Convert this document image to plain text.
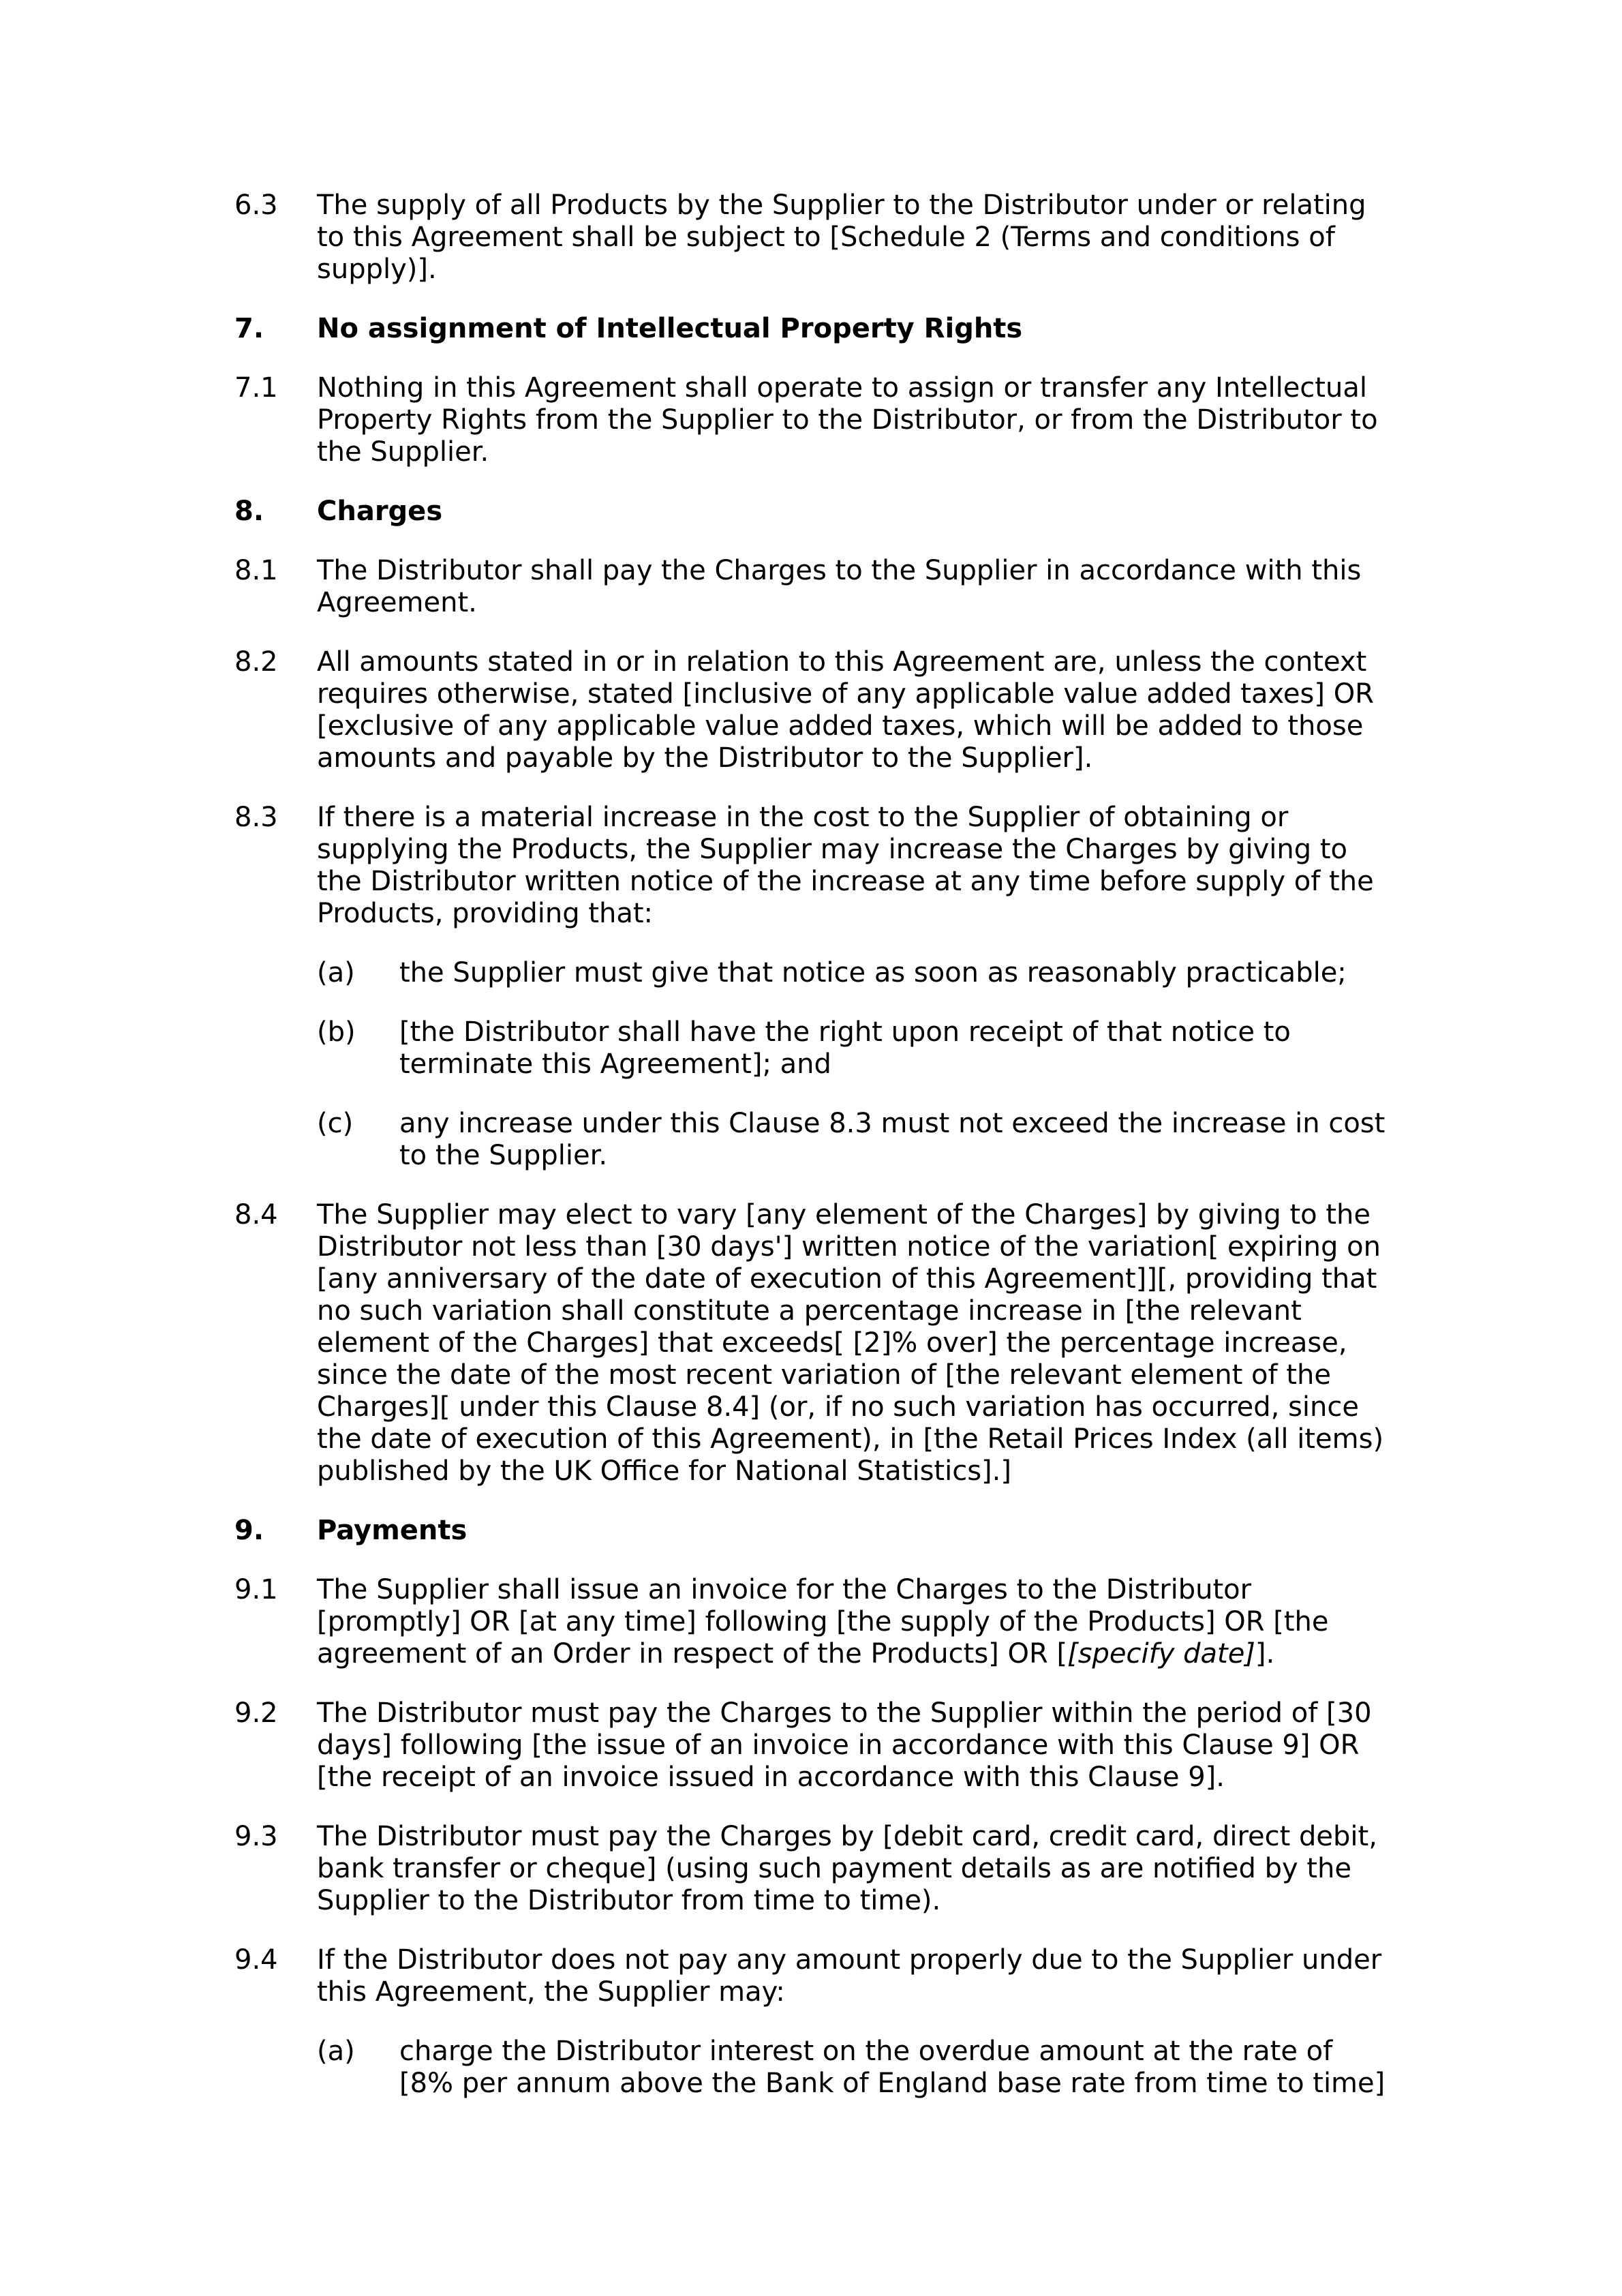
6.3	The supply of all Products by the Supplier to the Distributor under or relating to this Agreement shall be subject to [Schedule 2 (Terms and conditions of supply)].
7.	No assignment of Intellectual Property Rights
7.1	Nothing in this Agreement shall operate to assign or transfer any Intellectual Property Rights from the Supplier to the Distributor, or from the Distributor to the Supplier.
8.	Charges
8.1	The Distributor shall pay the Charges to the Supplier in accordance with this Agreement.
8.2	All amounts stated in or in relation to this Agreement are, unless the context requires otherwise, stated [inclusive of any applicable value added taxes] OR [exclusive of any applicable value added taxes, which will be added to those amounts and payable by the Distributor to the Supplier].
8.3	If there is a material increase in the cost to the Supplier of obtaining or supplying the Products, the Supplier may increase the Charges by giving to the Distributor written notice of the increase at any time before supply of the Products, providing that:
(a)	the Supplier must give that notice as soon as reasonably practicable;
(b)	[the Distributor shall have the right upon receipt of that notice to terminate this Agreement]; and
(c)	any increase under this Clause 8.3 must not exceed the increase in cost to the Supplier.
8.4	The Supplier may elect to vary [any element of the Charges] by giving to the Distributor not less than [30 days'] written notice of the variation[ expiring on [any anniversary of the date of execution of this Agreement]][, providing that no such variation shall constitute a percentage increase in [the relevant element of the Charges] that exceeds[ [2]% over] the percentage increase, since the date of the most recent variation of [the relevant element of the Charges][ under this Clause 8.4] (or, if no such variation has occurred, since the date of execution of this Agreement), in [the Retail Prices Index (all items) published by the UK Office for National Statistics].]
9.	Payments
9.1	The Supplier shall issue an invoice for the Charges to the Distributor [promptly] OR [at any time] following [the supply of the Products] OR [the agreement of an Order in respect of the Products] OR [[specify date]].
9.2	The Distributor must pay the Charges to the Supplier within the period of [30 days] following [the issue of an invoice in accordance with this Clause 9] OR [the receipt of an invoice issued in accordance with this Clause 9].
9.3	The Distributor must pay the Charges by [debit card, credit card, direct debit, bank transfer or cheque] (using such payment details as are notified by the Supplier to the Distributor from time to time).
9.4	If the Distributor does not pay any amount properly due to the Supplier under this Agreement, the Supplier may:
(a)	charge the Distributor interest on the overdue amount at the rate of [8% per annum above the Bank of England base rate from time to time]
